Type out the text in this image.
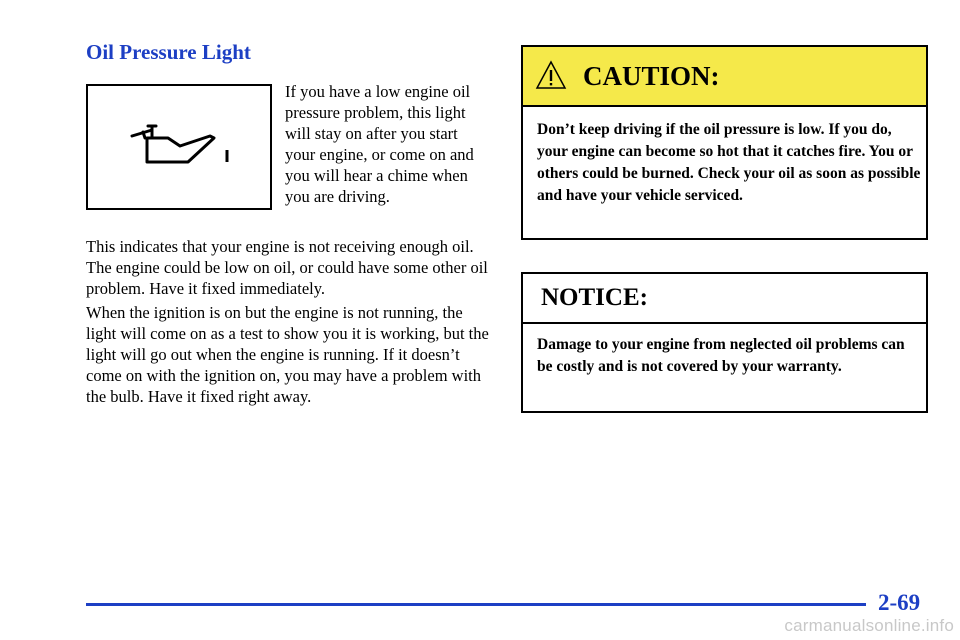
Oil Pressure Light
If you have a low engine oil pressure problem, this light will stay on after you start your engine, or come on and you will hear a chime when you are driving.
This indicates that your engine is not receiving enough oil. The engine could be low on oil, or could have some other oil problem. Have it fixed immediately.
When the ignition is on but the engine is not running, the light will come on as a test to show you it is working, but the light will go out when the engine is running. If it doesn’t come on with the ignition on, you may have a problem with the bulb. Have it fixed right away.
CAUTION:
Don’t keep driving if the oil pressure is low. If you do, your engine can become so hot that it catches fire. You or others could be burned. Check your oil as soon as possible and have your vehicle serviced.
NOTICE:
Damage to your engine from neglected oil problems can be costly and is not covered by your warranty.
2-69
carmanualsonline.info
